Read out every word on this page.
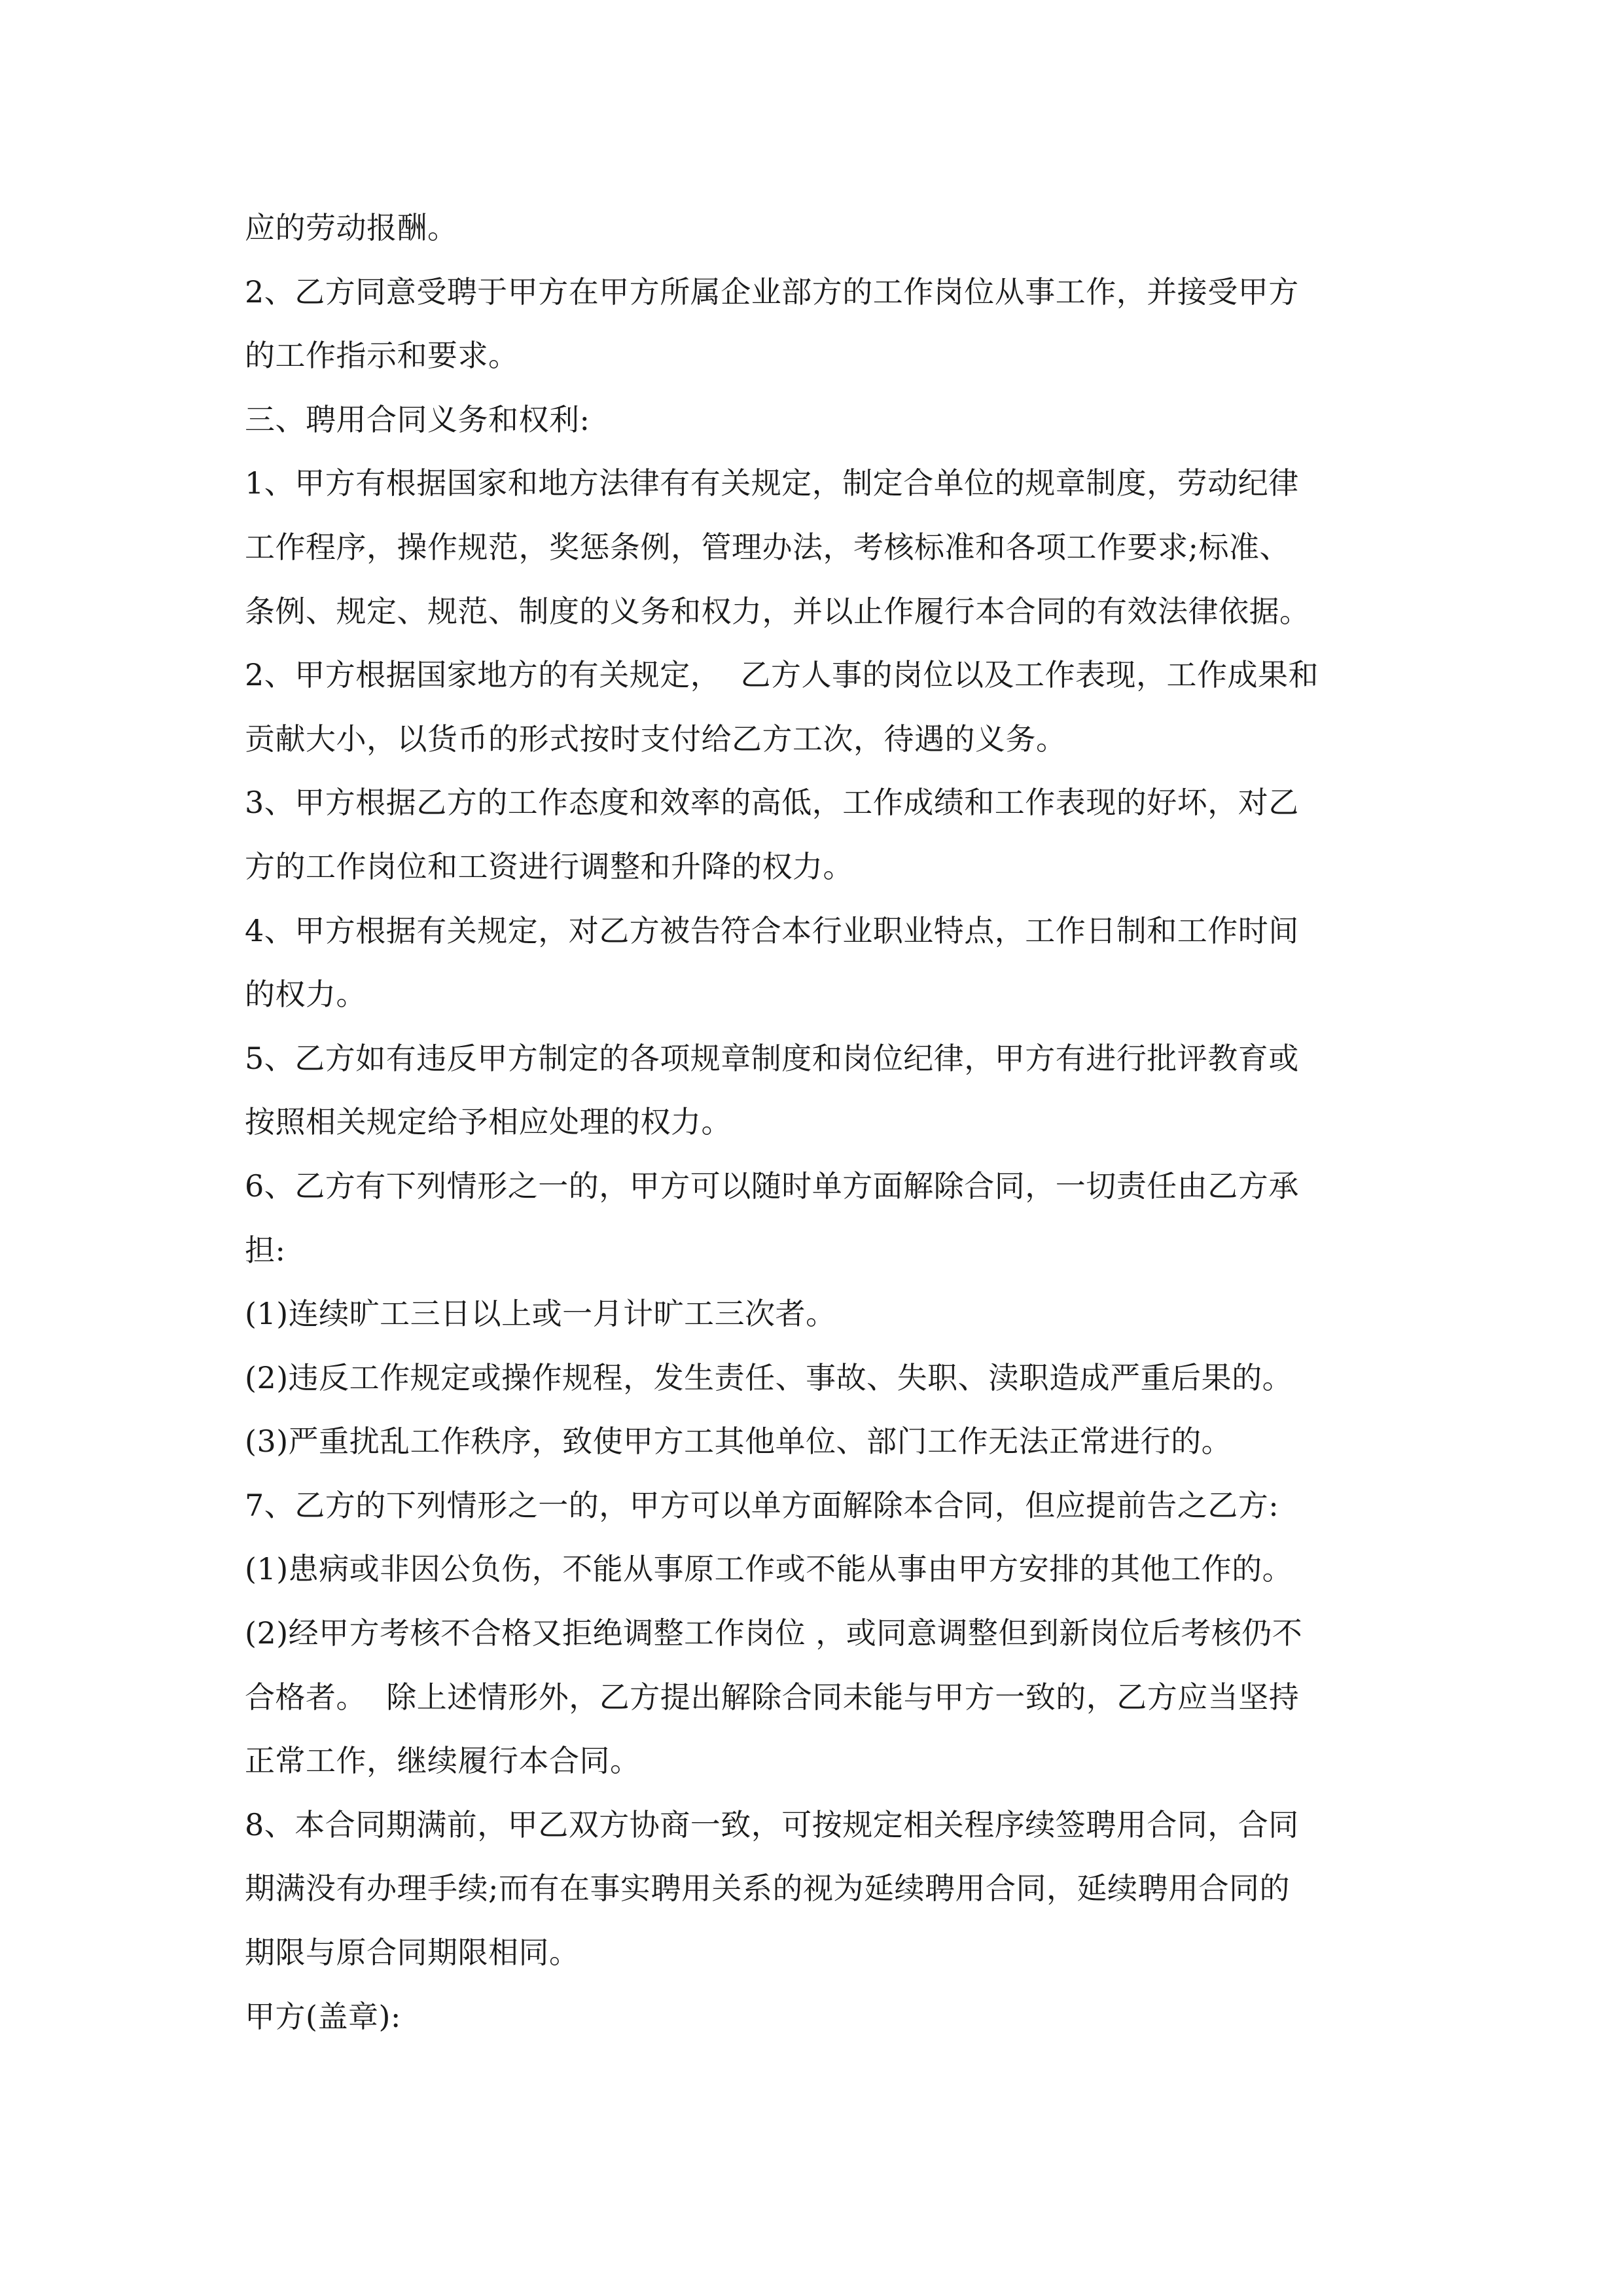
应的劳动报酬。
2、乙方同意受聘于甲方在甲方所属企业部方的工作岗位从事工作，并接受甲方
的工作指示和要求。
三、聘用合同义务和权利:
1、甲方有根据国家和地方法律有有关规定，制定合单位的规章制度，劳动纪律
工作程序，操作规范，奖惩条例，管理办法，考核标准和各项工作要求;标准、
条例、规定、规范、制度的义务和权力，并以止作履行本合同的有效法律依据。
2、甲方根据国家地方的有关规定，  乙方人事的岗位以及工作表现，工作成果和
贡献大小，以货币的形式按时支付给乙方工次，待遇的义务。
3、甲方根据乙方的工作态度和效率的高低，工作成绩和工作表现的好坏，对乙
方的工作岗位和工资进行调整和升降的权力。
4、甲方根据有关规定，对乙方被告符合本行业职业特点，工作日制和工作时间
的权力。
5、乙方如有违反甲方制定的各项规章制度和岗位纪律，甲方有进行批评教育或
按照相关规定给予相应处理的权力。
6、乙方有下列情形之一的，甲方可以随时单方面解除合同，一切责任由乙方承
担:
(1)连续旷工三日以上或一月计旷工三次者。
(2)违反工作规定或操作规程，发生责任、事故、失职、渎职造成严重后果的。
(3)严重扰乱工作秩序，致使甲方工其他单位、部门工作无法正常进行的。
7、乙方的下列情形之一的，甲方可以单方面解除本合同，但应提前告之乙方:
(1)患病或非因公负伤，不能从事原工作或不能从事由甲方安排的其他工作的。
(2)经甲方考核不合格又拒绝调整工作岗位 ，或同意调整但到新岗位后考核仍不
合格者。  除上述情形外，乙方提出解除合同未能与甲方一致的，乙方应当坚持
正常工作，继续履行本合同。
8、本合同期满前，甲乙双方协商一致，可按规定相关程序续签聘用合同，合同
期满没有办理手续;而有在事实聘用关系的视为延续聘用合同，延续聘用合同的
期限与原合同期限相同。
甲方(盖章):
